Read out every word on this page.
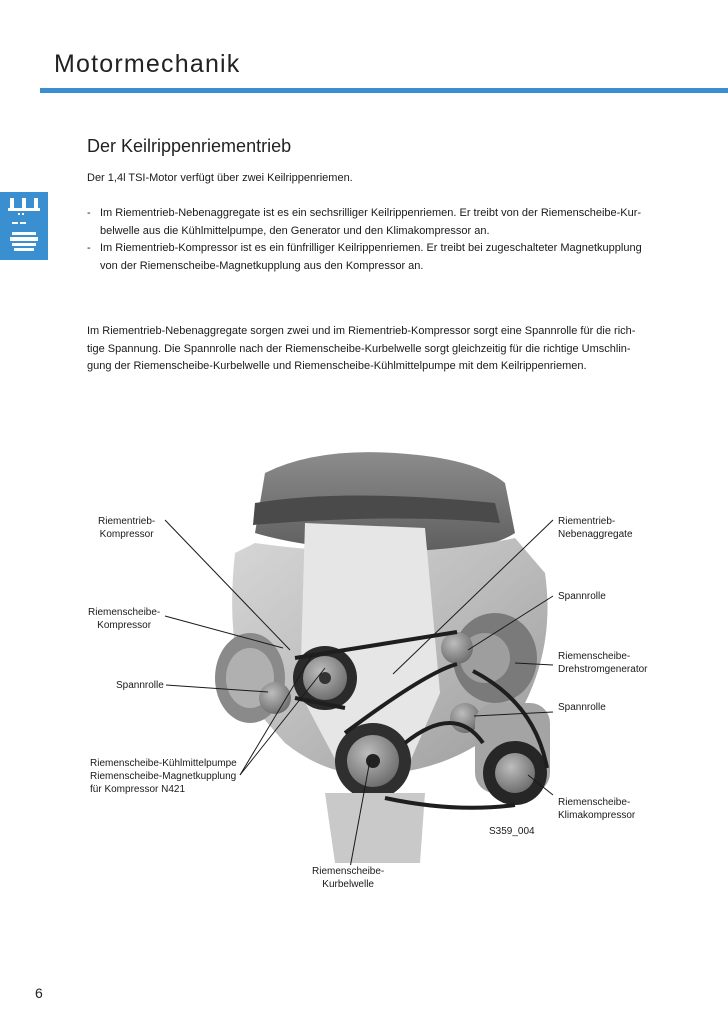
Motormechanik
Der Keilrippenriementrieb
Der 1,4l TSI-Motor verfügt über zwei Keilrippenriemen.
- Im Riementrieb-Nebenaggregate ist es ein sechsrilliger Keilrippenriemen. Er treibt von der Riemenscheibe-Kur-
belwelle aus die Kühlmittelpumpe, den Generator und den Klimakompressor an.
- Im Riementrieb-Kompressor ist es ein fünfrilliger Keilrippenriemen. Er treibt bei zugeschalteter Magnetkupplung
von der Riemenscheibe-Magnetkupplung aus den Kompressor an.
Im Riementrieb-Nebenaggregate sorgen zwei und im Riementrieb-Kompressor sorgt eine Spannrolle für die rich-
tige Spannung. Die Spannrolle nach der Riemenscheibe-Kurbelwelle sorgt gleichzeitig für die richtige Umschlin-
gung der Riemenscheibe-Kurbelwelle und Riemenscheibe-Kühlmittelpumpe mit dem Keilrippenriemen.
Riementrieb-
Kompressor
Riemenscheibe-
Kompressor
Spannrolle
Riemenscheibe-Kühlmittelpumpe
Riemenscheibe-Magnetkupplung
für Kompressor N421
Riementrieb-
Nebenaggregate
Spannrolle
Riemenscheibe-
Drehstromgenerator
Spannrolle
Riemenscheibe-
Klimakompressor
S359_004
Riemenscheibe-
Kurbelwelle
6
